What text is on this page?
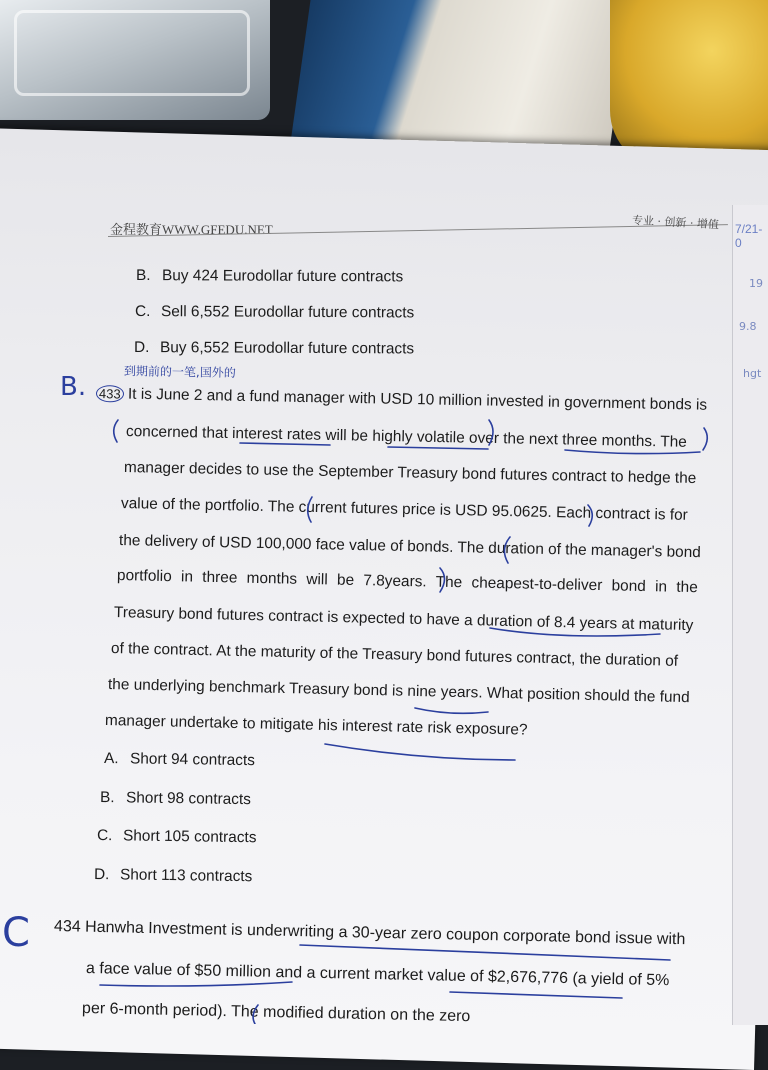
19
9.8
hgt
金程教育WWW.GFEDU.NET	专业 · 创新 · 增值 7/21-0
B. Buy 424 Eurodollar future contracts
C. Sell 6,552 Eurodollar future contracts
D. Buy 6,552 Eurodollar future contracts
B.
到期前的一笔,国外的
433 It is June 2 and a fund manager with USD 10 million invested in government bonds is
concerned that interest rates will be highly volatile over the next three months. The
manager decides to use the September Treasury bond futures contract to hedge the
value of the portfolio. The current futures price is USD 95.0625. Each contract is for
the delivery of USD 100,000 face value of bonds. The duration of the manager's bond
portfolio in three months will be 7.8years. The cheapest-to-deliver bond in the
Treasury bond futures contract is expected to have a duration of 8.4 years at maturity
of the contract. At the maturity of the Treasury bond futures contract, the duration of
the underlying benchmark Treasury bond is nine years. What position should the fund
manager undertake to mitigate his interest rate risk exposure?
A. Short 94 contracts
B. Short 98 contracts
C. Short 105 contracts
D. Short 113 contracts
C 434 Hanwha Investment is underwriting a 30-year zero coupon corporate bond issue with
a face value of $50 million and a current market value of $2,676,776 (a yield of 5%
per 6-month period). The modified duration on the zero
